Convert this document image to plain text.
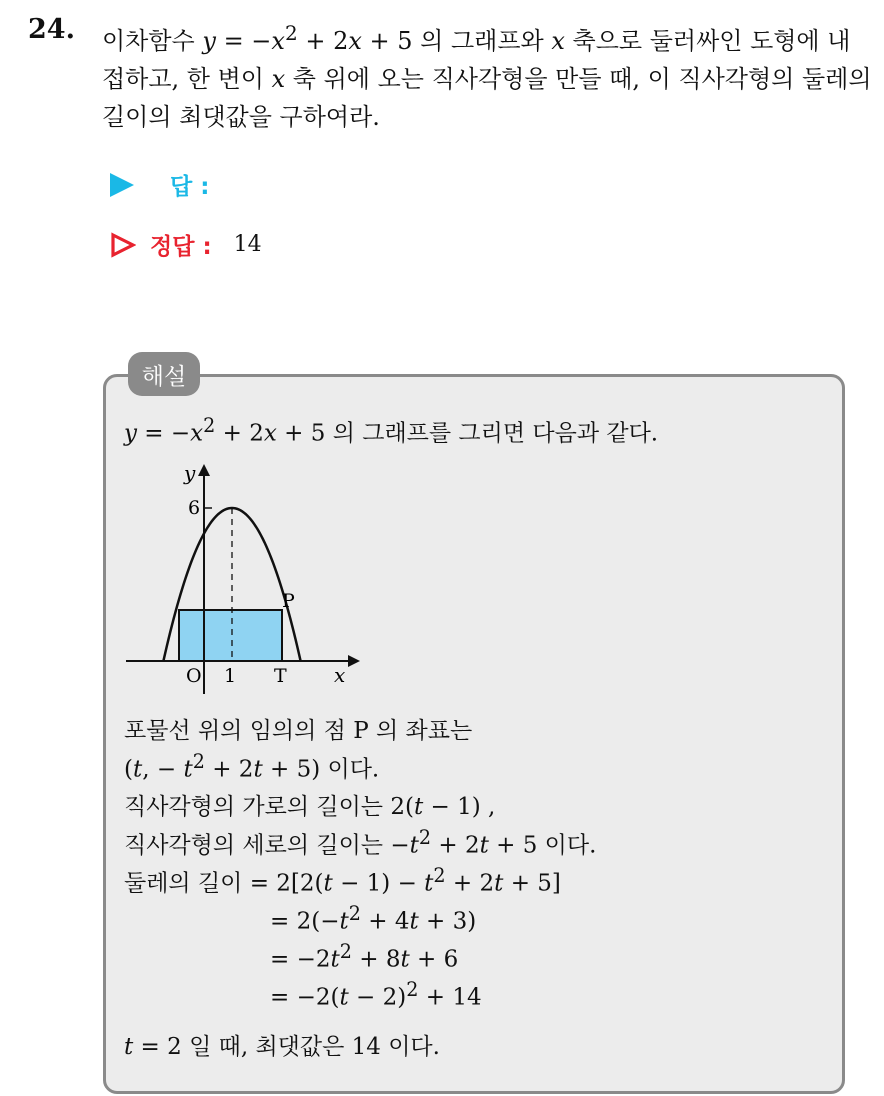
24. 이차함수 $y = -x^2 + 2x + 5$ 의 그래프와 x 축으로 둘러싸인 도형에 내접하고, 한 변이 x 축 위에 오는 직사각형을 만들 때, 이 직사각형의 둘레의 길이의 최댓값을 구하여라.
답 :
정답 : 14
해설
$y = -x^2 + 2x + 5$ 의 그래프를 그리면 다음과 같다.
y
6
P
O 1 T x
포물선 위의 임의의 점 P 의 좌표는
(t, − $t^2 + 2t + 5$) 이다.
직사각형의 가로의 길이는 2(t − 1) ,
직사각형의 세로의 길이는 $-t^2 + 2t + 5$ 이다.
둘레의 길이 = $2[2(t - 1) - t^2 + 2t + 5]$
= $2(-t^2 + 4t + 3)$
= $-2t^2 + 8t + 6$
= $-2(t - 2)^2 + 14$
t = 2 일 때, 최댓값은 14 이다.
